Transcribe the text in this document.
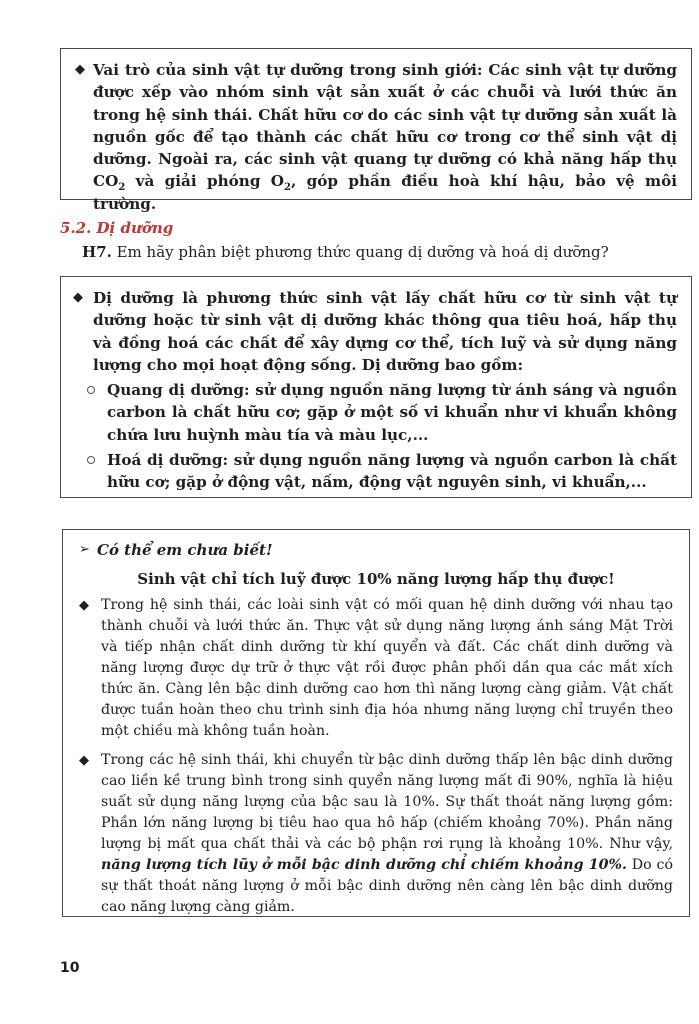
◆ Vai trò của sinh vật tự dưỡng trong sinh giới: Các sinh vật tự dưỡng được xếp vào nhóm sinh vật sản xuất ở các chuỗi và lưới thức ăn trong hệ sinh thái. Chất hữu cơ do các sinh vật tự dưỡng sản xuất là nguồn gốc để tạo thành các chất hữu cơ trong cơ thể sinh vật dị dưỡng. Ngoài ra, các sinh vật quang tự dưỡng có khả năng hấp thụ $CO_2$ và giải phóng $O_2$, góp phần điều hoà khí hậu, bảo vệ môi trường.
5.2. Dị dưỡng
H7. Em hãy phân biệt phương thức quang dị dưỡng và hoá dị dưỡng?
◆ Dị dưỡng là phương thức sinh vật lấy chất hữu cơ từ sinh vật tự dưỡng hoặc từ sinh vật dị dưỡng khác thông qua tiêu hoá, hấp thụ và đồng hoá các chất để xây dựng cơ thể, tích luỹ và sử dụng năng lượng cho mọi hoạt động sống. Dị dưỡng bao gồm:
Quang dị dưỡng: sử dụng nguồn năng lượng từ ánh sáng và nguồn carbon là chất hữu cơ; gặp ở một số vi khuẩn như vi khuẩn không chứa lưu huỳnh màu tía và màu lục,...
Hoá dị dưỡng: sử dụng nguồn năng lượng và nguồn carbon là chất hữu cơ; gặp ở động vật, nấm, động vật nguyên sinh, vi khuẩn,...
➢ Có thể em chưa biết!
Sinh vật chỉ tích luỹ được 10% năng lượng hấp thụ được!
◆ Trong hệ sinh thái, các loài sinh vật có mối quan hệ dinh dưỡng với nhau tạo thành chuỗi và lưới thức ăn. Thực vật sử dụng năng lượng ánh sáng Mặt Trời và tiếp nhận chất dinh dưỡng từ khí quyển và đất. Các chất dinh dưỡng và năng lượng được dự trữ ở thực vật rồi được phân phối dần qua các mắt xích thức ăn. Càng lên bậc dinh dưỡng cao hơn thì năng lượng càng giảm. Vật chất được tuần hoàn theo chu trình sinh địa hóa nhưng năng lượng chỉ truyền theo một chiều mà không tuần hoàn.
◆ Trong các hệ sinh thái, khi chuyển từ bậc dinh dưỡng thấp lên bậc dinh dưỡng cao liền kề trung bình trong sinh quyển năng lượng mất đi 90%, nghĩa là hiệu suất sử dụng năng lượng của bậc sau là 10%. Sự thất thoát năng lượng gồm: Phần lớn năng lượng bị tiêu hao qua hô hấp (chiếm khoảng 70%). Phần năng lượng bị mất qua chất thải và các bộ phận rơi rụng là khoảng 10%. Như vậy, năng lượng tích lũy ở mỗi bậc dinh dưỡng chỉ chiếm khoảng 10%. Do có sự thất thoát năng lượng ở mỗi bậc dinh dưỡng nên càng lên bậc dinh dưỡng cao năng lượng càng giảm.
10
